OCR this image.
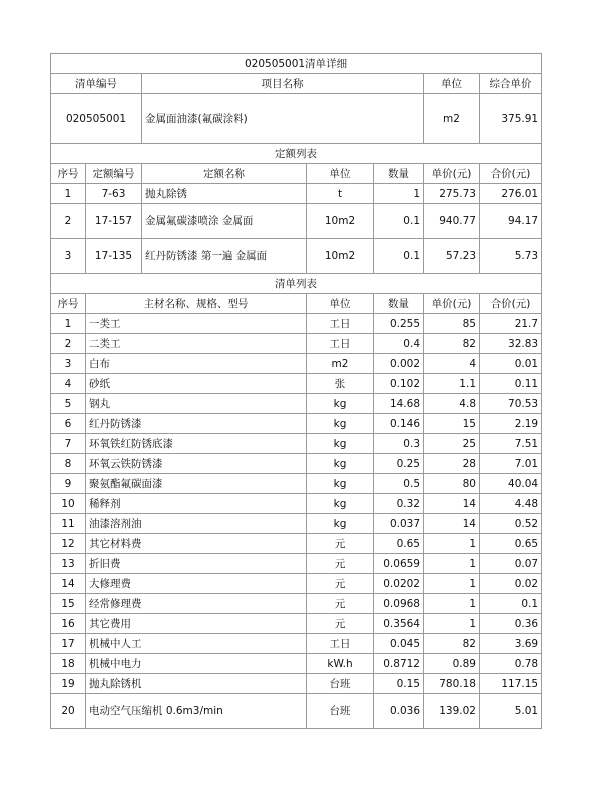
020505001清单详细						
清单编号		项目名称			单位	综合单价
020505001		金属面油漆(氟碳涂料)			m2	375.91
定额列表						
序号	定额编号	定额名称	单位	数量	单价(元)	合价(元)
1	7-63	抛丸除锈	t	1	275.73	276.01
2	17-157	金属氟碳漆喷涂 金属面	10m2	0.1	940.77	94.17
3	17-135	红丹防锈漆 第一遍 金属面	10m2	0.1	57.23	5.73
清单列表						
序号	主材名称、规格、型号		单位	数量	单价(元)	合价(元)
1	一类工		工日	0.255	85	21.7
2	二类工		工日	0.4	82	32.83
3	白布		m2	0.002	4	0.01
4	砂纸		张	0.102	1.1	0.11
5	钢丸		kg	14.68	4.8	70.53
6	红丹防锈漆		kg	0.146	15	2.19
7	环氧铁红防锈底漆		kg	0.3	25	7.51
8	环氧云铁防锈漆		kg	0.25	28	7.01
9	聚氨酯氟碳面漆		kg	0.5	80	40.04
10	稀释剂		kg	0.32	14	4.48
11	油漆溶剂油		kg	0.037	14	0.52
12	其它材料费		元	0.65	1	0.65
13	折旧费		元	0.0659	1	0.07
14	大修理费		元	0.0202	1	0.02
15	经常修理费		元	0.0968	1	0.1
16	其它费用		元	0.3564	1	0.36
17	机械中人工		工日	0.045	82	3.69
18	机械中电力		kW.h	0.8712	0.89	0.78
19	抛丸除锈机		台班	0.15	780.18	117.15
20	电动空气压缩机 0.6m3/min		台班	0.036	139.02	5.01
